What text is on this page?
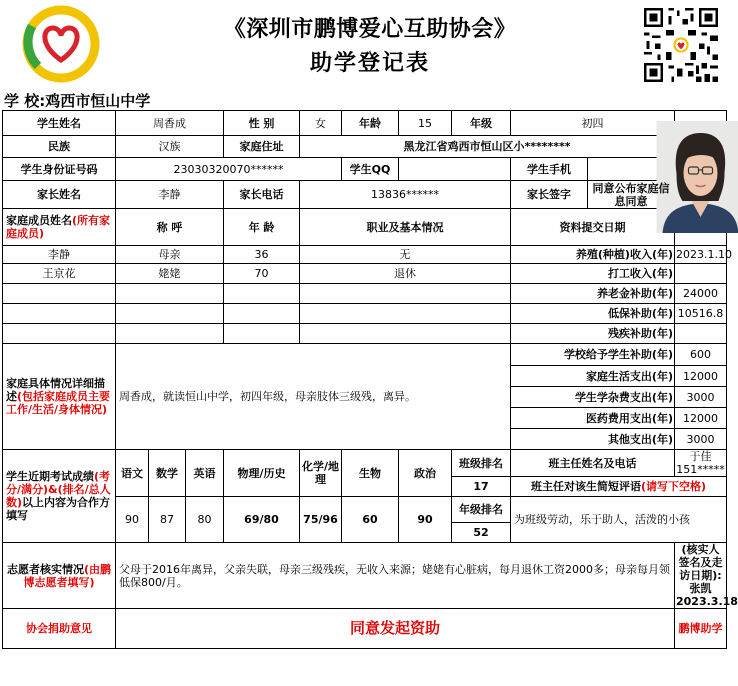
《深圳市鹏博爱心互助协会》
助学登记表
学 校:鸡西市恒山中学
学生姓名	周香成			性 别	女	年龄	15	年级	初四	
民族	汉族			家庭住址	黑龙江省鸡西市恒山区小********						
学生身份证号码	23030320070******					学生QQ			学生手机		
家长姓名	李静			家长电话	13836******				家长签字	同意公布家庭信息同意	
家庭成员姓名(所有家庭成员)	称 呼			年 龄	职业及基本情况				资料提交日期		
李静	母亲			36	无				养殖(种植)收入(年)		2023.1.10
王京花	姥姥			70	退休				打工收入(年)		
									养老金补助(年)		24000
									低保补助(年)		10516.8
									残疾补助(年)		
家庭具体情况详细描述(包括家庭成员主要工作/生活/身体情况)	周香成，就读恒山中学，初四年级，母亲肢体三级残，离异。								学校给予学生补助(年)		600
									家庭生活支出(年)		12000
									学生学杂费支出(年)		3000
									医药费用支出(年)		12000
									其他支出(年)		3000
学生近期考试成绩(考分/满分)&(排名/总人数)以上内容为合作方填写	语文	数学	英语	物理/历史	化学/地理	生物	政治	班级排名	班主任姓名及电话		于佳151*****
								17	班主任对该生简短评语(请写下空格)		
	90	87	80	69/80	75/96	60	90	年级排名	为班级劳动，乐于助人，活泼的小孩		
								52			
志愿者核实情况(由鹏博志愿者填写)	父母于2016年离异，父亲失联，母亲三级残疾，无收入来源；姥姥有心脏病，每月退休工资2000多；母亲每月领低保800/月。										(核实人签名及走访日期):张凯 2023.3.18
协会捐助意见	同意发起资助										鹏博助学
